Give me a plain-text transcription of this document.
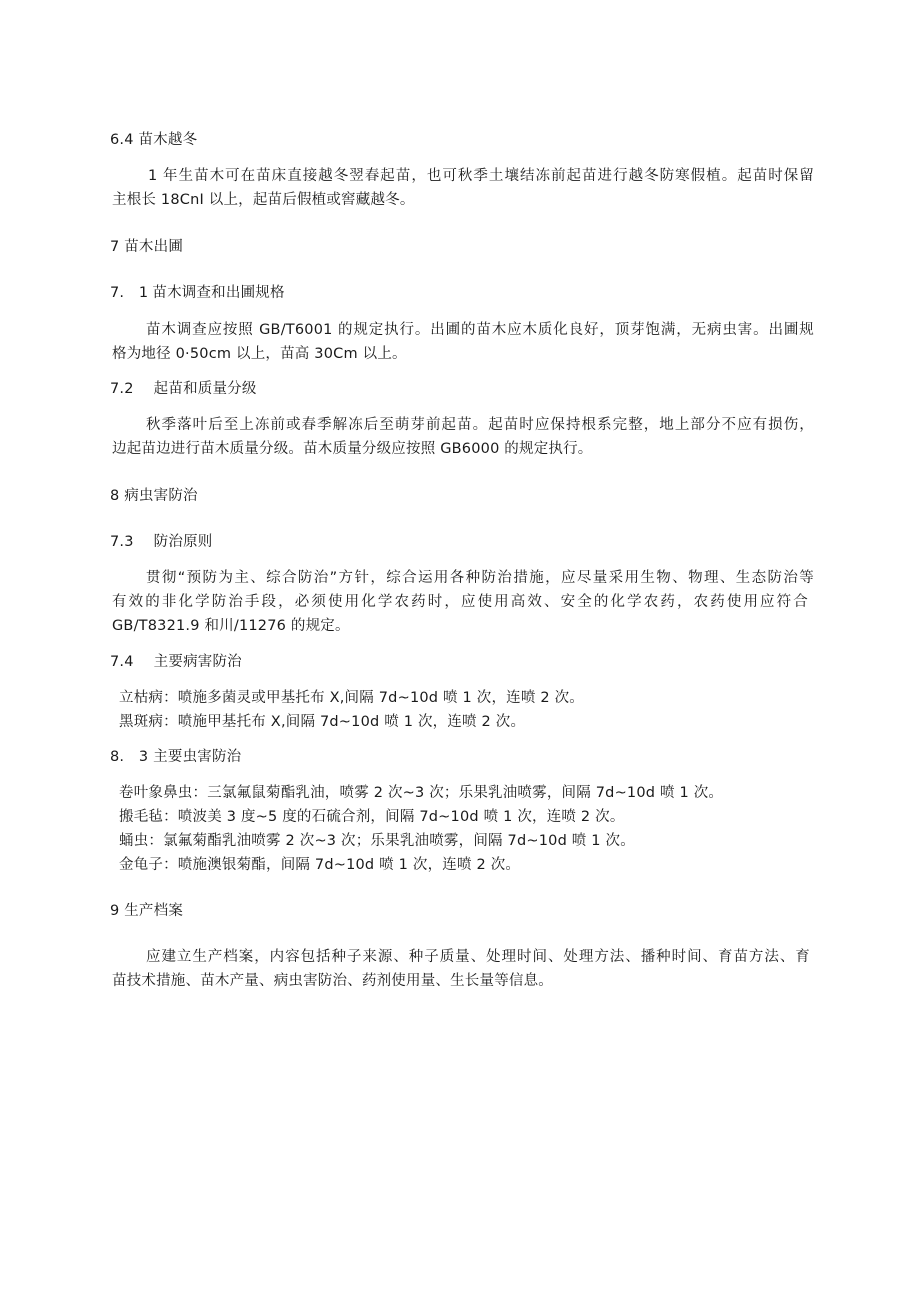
6.4 苗木越冬
1 年生苗木可在苗床直接越冬翌春起苗，也可秋季土壤结冻前起苗进行越冬防寒假植。起苗时保留
主根长 18CnI 以上，起苗后假植或窖藏越冬。
7 苗木出圃
7.　1 苗木调查和出圃规格
苗木调查应按照 GB/T6001 的规定执行。出圃的苗木应木质化良好，顶芽饱满，无病虫害。出圃规
格为地径 0·50cm 以上，苗高 30Cm 以上。
7.2 起苗和质量分级
秋季落叶后至上冻前或春季解冻后至萌芽前起苗。起苗时应保持根系完整，地上部分不应有损伤，
边起苗边进行苗木质量分级。苗木质量分级应按照 GB6000 的规定执行。
8 病虫害防治
7.3 防治原则
贯彻“预防为主、综合防治”方针，综合运用各种防治措施，应尽量采用生物、物理、生态防治等
有效的非化学防治手段，必须使用化学农药时，应使用高效、安全的化学农药，农药使用应符合
GB/T8321.9 和川/11276 的规定。
7.4 主要病害防治
立枯病：喷施多菌灵或甲基托布 X,间隔 7d~10d 喷 1 次，连喷 2 次。
黑斑病：喷施甲基托布 X,间隔 7d~10d 喷 1 次，连喷 2 次。
8.　3 主要虫害防治
卷叶象鼻虫：三氯氟鼠菊酯乳油，喷雾 2 次~3 次；乐果乳油喷雾，间隔 7d~10d 喷 1 次。
搬毛毡：喷波美 3 度~5 度的石硫合剂，间隔 7d~10d 喷 1 次，连喷 2 次。
蛹虫：氯氟菊酯乳油喷雾 2 次~3 次；乐果乳油喷雾，间隔 7d~10d 喷 1 次。
金龟子：喷施澳银菊酯，间隔 7d~10d 喷 1 次，连喷 2 次。
9 生产档案
应建立生产档案，内容包括种子来源、种子质量、处理时间、处理方法、播种时间、育苗方法、育
苗技术措施、苗木产量、病虫害防治、药剂使用量、生长量等信息。
